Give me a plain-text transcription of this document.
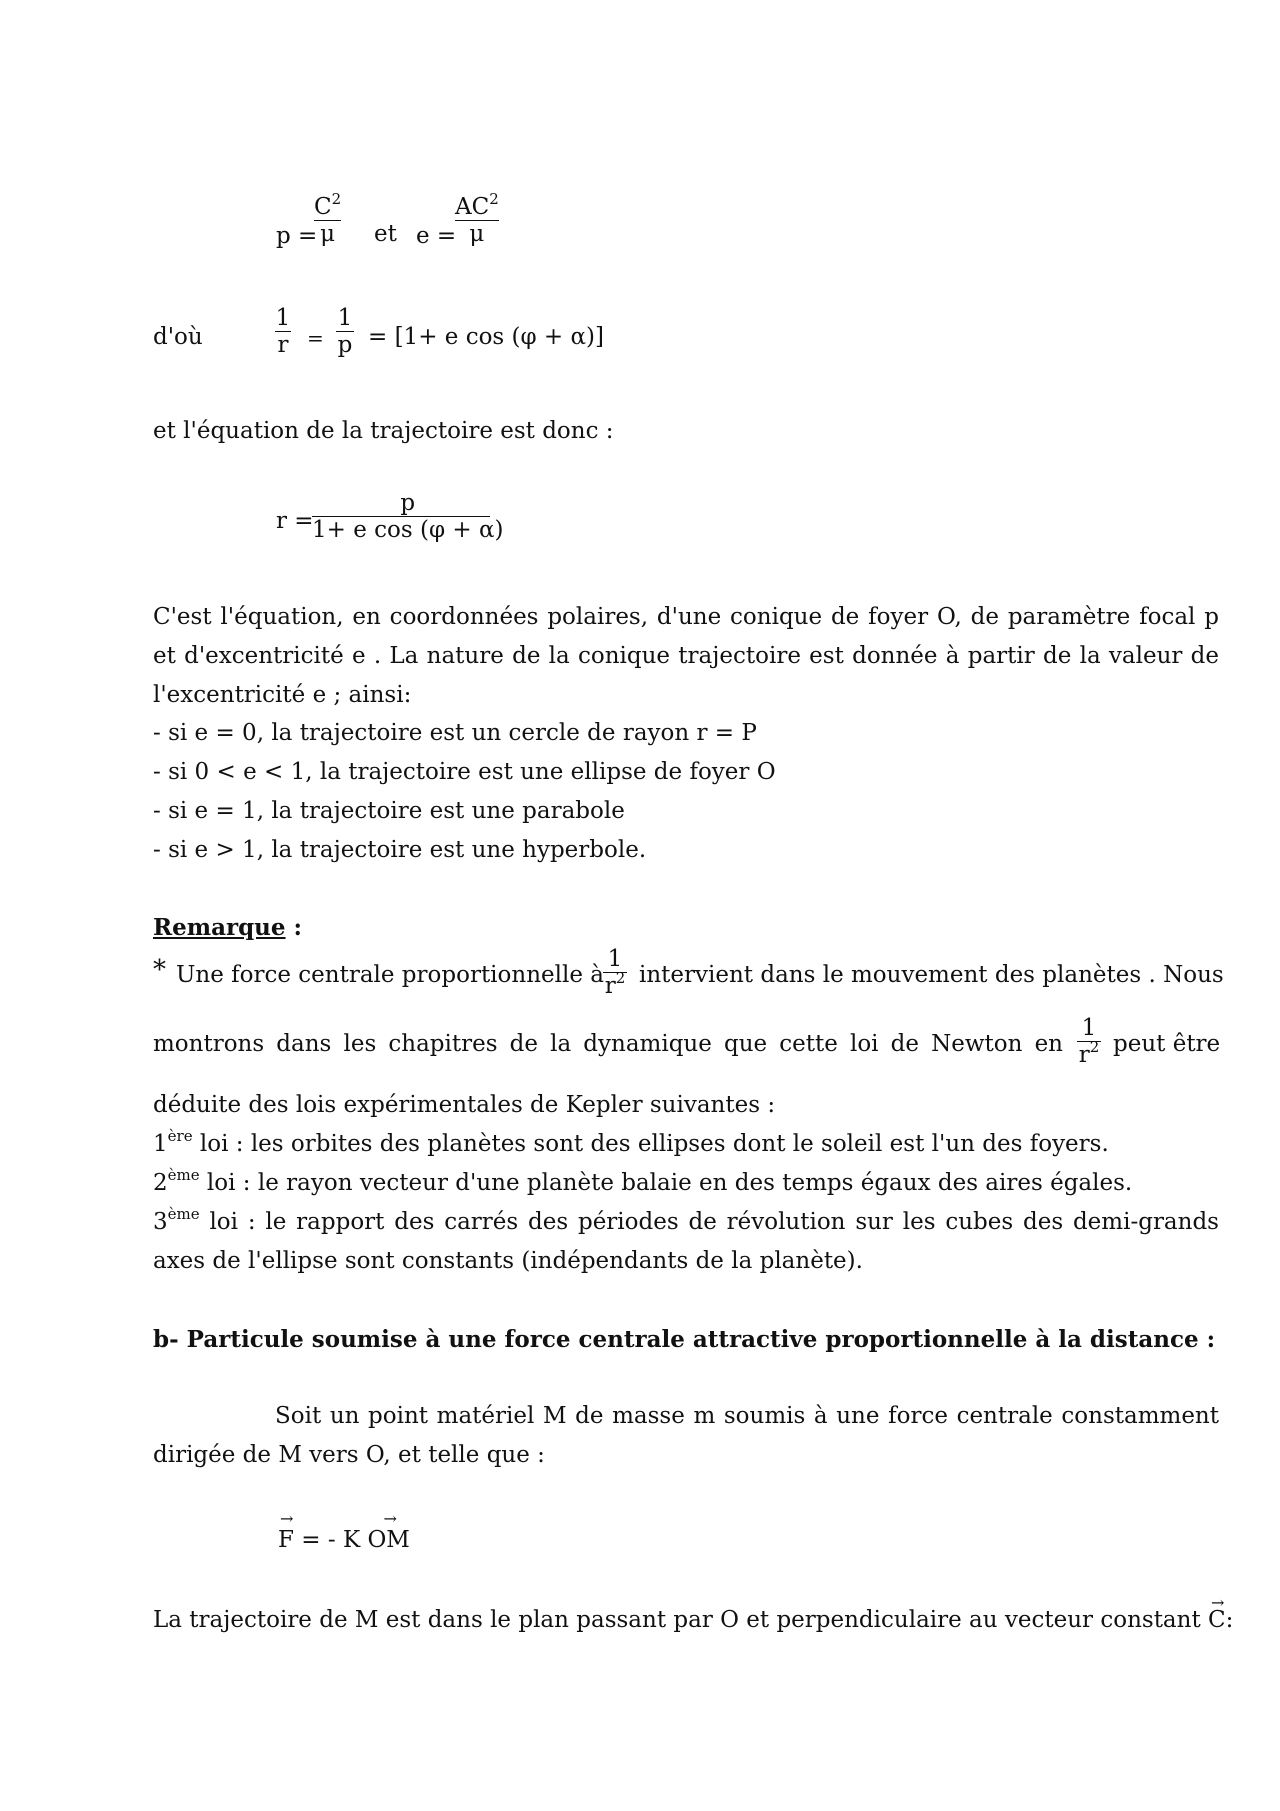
p =
$C^2$
μ et e =
$AC^2$
μ
d'où
1
r =
1
p = [1+ e cos (φ + α)]
et l'équation de la trajectoire est donc :
r =
p
1+ e cos (φ + α)

C'est l'équation, en coordonnées polaires, d'une conique de foyer O, de paramètre focal p et d'excentricité e . La nature de la conique trajectoire est donnée à partir de la valeur de l'excentricité e ; ainsi:

- si e = 0, la trajectoire est un cercle de rayon r = P
- si 0 < e < 1, la trajectoire est une ellipse de foyer O
- si e = 1, la trajectoire est une parabole
- si e > 1, la trajectoire est une hyperbole.
Remarque :
* Une force centrale proportionnelle à
1
$r^2$ intervient dans le mouvement des planètes . Nous
montrons dans les chapitres de la dynamique que cette loi de Newton en
1
$r^2$ peut être
déduite des lois expérimentales de Kepler suivantes :
1ère loi : les orbites des planètes sont des ellipses dont le soleil est l'un des foyers.
2ème loi : le rayon vecteur d'une planète balaie en des temps égaux des aires égales.

3ème loi : le rapport des carrés des périodes de révolution sur les cubes des demi-grands axes de l'ellipse sont constants (indépendants de la planète).

b- Particule soumise à une force centrale attractive proportionnelle à la distance :

Soit un point matériel M de masse m soumis à une force centrale constamment dirigée de M vers O, et telle que :

→
F = - K
→
OM
La trajectoire de M est dans le plan passant par O et perpendiculaire au vecteur constant
→
C:
